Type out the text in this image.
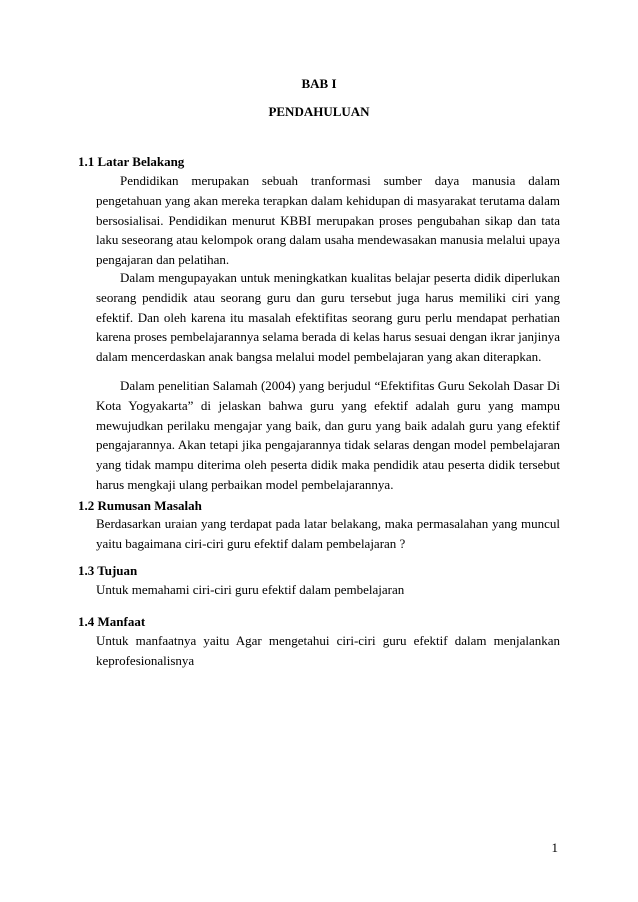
BAB I
PENDAHULUAN
1.1 Latar Belakang

Pendidikan merupakan sebuah tranformasi sumber daya manusia dalam pengetahuan yang akan mereka terapkan dalam kehidupan di masyarakat terutama dalam bersosialisai. Pendidikan menurut KBBI merupakan proses pengubahan sikap dan tata laku seseorang atau kelompok orang dalam usaha mendewasakan manusia melalui upaya pengajaran dan pelatihan.

Dalam mengupayakan untuk meningkatkan kualitas belajar peserta didik diperlukan seorang pendidik atau seorang guru dan guru tersebut juga harus memiliki ciri yang efektif. Dan oleh karena itu masalah efektifitas seorang guru perlu mendapat perhatian karena proses pembelajarannya selama berada di kelas harus sesuai dengan ikrar janjinya dalam mencerdaskan anak bangsa melalui model pembelajaran yang akan diterapkan.

Dalam penelitian Salamah (2004) yang berjudul “Efektifitas Guru Sekolah Dasar Di Kota Yogyakarta” di jelaskan bahwa guru yang efektif adalah guru yang mampu mewujudkan perilaku mengajar yang baik, dan guru yang baik adalah guru yang efektif pengajarannya. Akan tetapi jika pengajarannya tidak selaras dengan model pembelajaran yang tidak mampu diterima oleh peserta didik maka pendidik atau peserta didik tersebut harus mengkaji ulang perbaikan model pembelajarannya.

1.2 Rumusan Masalah

Berdasarkan uraian yang terdapat pada latar belakang, maka permasalahan yang muncul yaitu bagaimana ciri-ciri guru efektif dalam pembelajaran ?

1.3 Tujuan

Untuk memahami ciri-ciri guru efektif dalam pembelajaran

1.4 Manfaat

Untuk manfaatnya yaitu Agar mengetahui ciri-ciri guru efektif dalam menjalankan keprofesionalisnya

1
